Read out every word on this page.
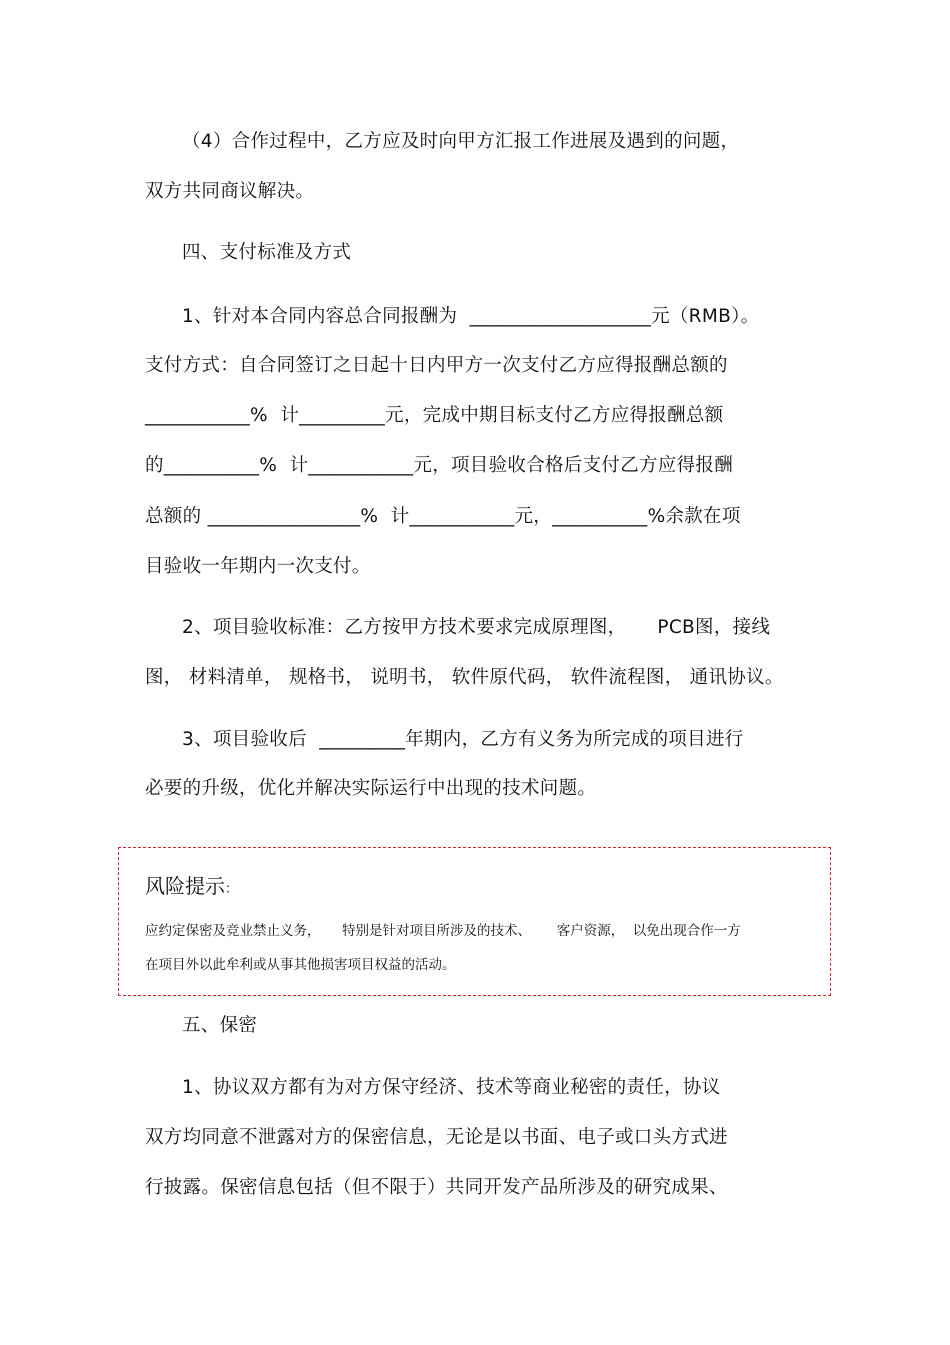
（4）合作过程中，乙方应及时向甲方汇报工作进展及遇到的问题，
双方共同商议解决。
四、支付标准及方式
1、针对本合同内容总合同报酬为  ___________________元（RMB）。
支付方式：自合同签订之日起十日内甲方一次支付乙方应得报酬总额的
___________%  计_________元，完成中期目标支付乙方应得报酬总额
的__________%  计___________元，项目验收合格后支付乙方应得报酬
总额的 ________________%  计___________元，__________%余款在项
目验收一年期内一次支付。
2、项目验收标准：乙方按甲方技术要求完成原理图，     PCB图，接线
图， 材料清单， 规格书， 说明书， 软件原代码， 软件流程图， 通讯协议。
3、项目验收后  _________年期内，乙方有义务为所完成的项目进行
必要的升级，优化并解决实际运行中出现的技术问题。
风险提示：
应约定保密及竞业禁止义务，     特别是针对项目所涉及的技术、      客户资源，  以免出现合作一方
在项目外以此牟利或从事其他损害项目权益的活动。
五、保密
1、协议双方都有为对方保守经济、技术等商业秘密的责任，协议
双方均同意不泄露对方的保密信息，无论是以书面、电子或口头方式进
行披露。保密信息包括（但不限于）共同开发产品所涉及的研究成果、
